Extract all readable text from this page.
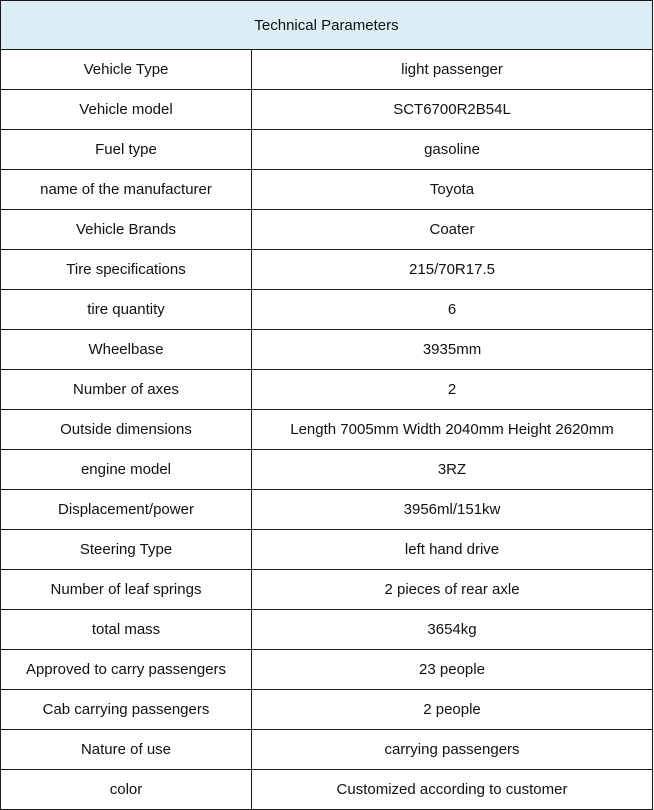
Technical Parameters	
Vehicle Type	light passenger
Vehicle model	SCT6700R2B54L
Fuel type	gasoline
name of the manufacturer	Toyota
Vehicle Brands	Coater
Tire specifications	215/70R17.5
tire quantity	6
Wheelbase	3935mm
Number of axes	2
Outside dimensions	Length 7005mm Width 2040mm Height 2620mm
engine model	3RZ
Displacement/power	3956ml/151kw
Steering Type	left hand drive
Number of leaf springs	2 pieces of rear axle
total mass	3654kg
Approved to carry passengers	23 people
Cab carrying passengers	2 people
Nature of use	carrying passengers
color	Customized according to customer
